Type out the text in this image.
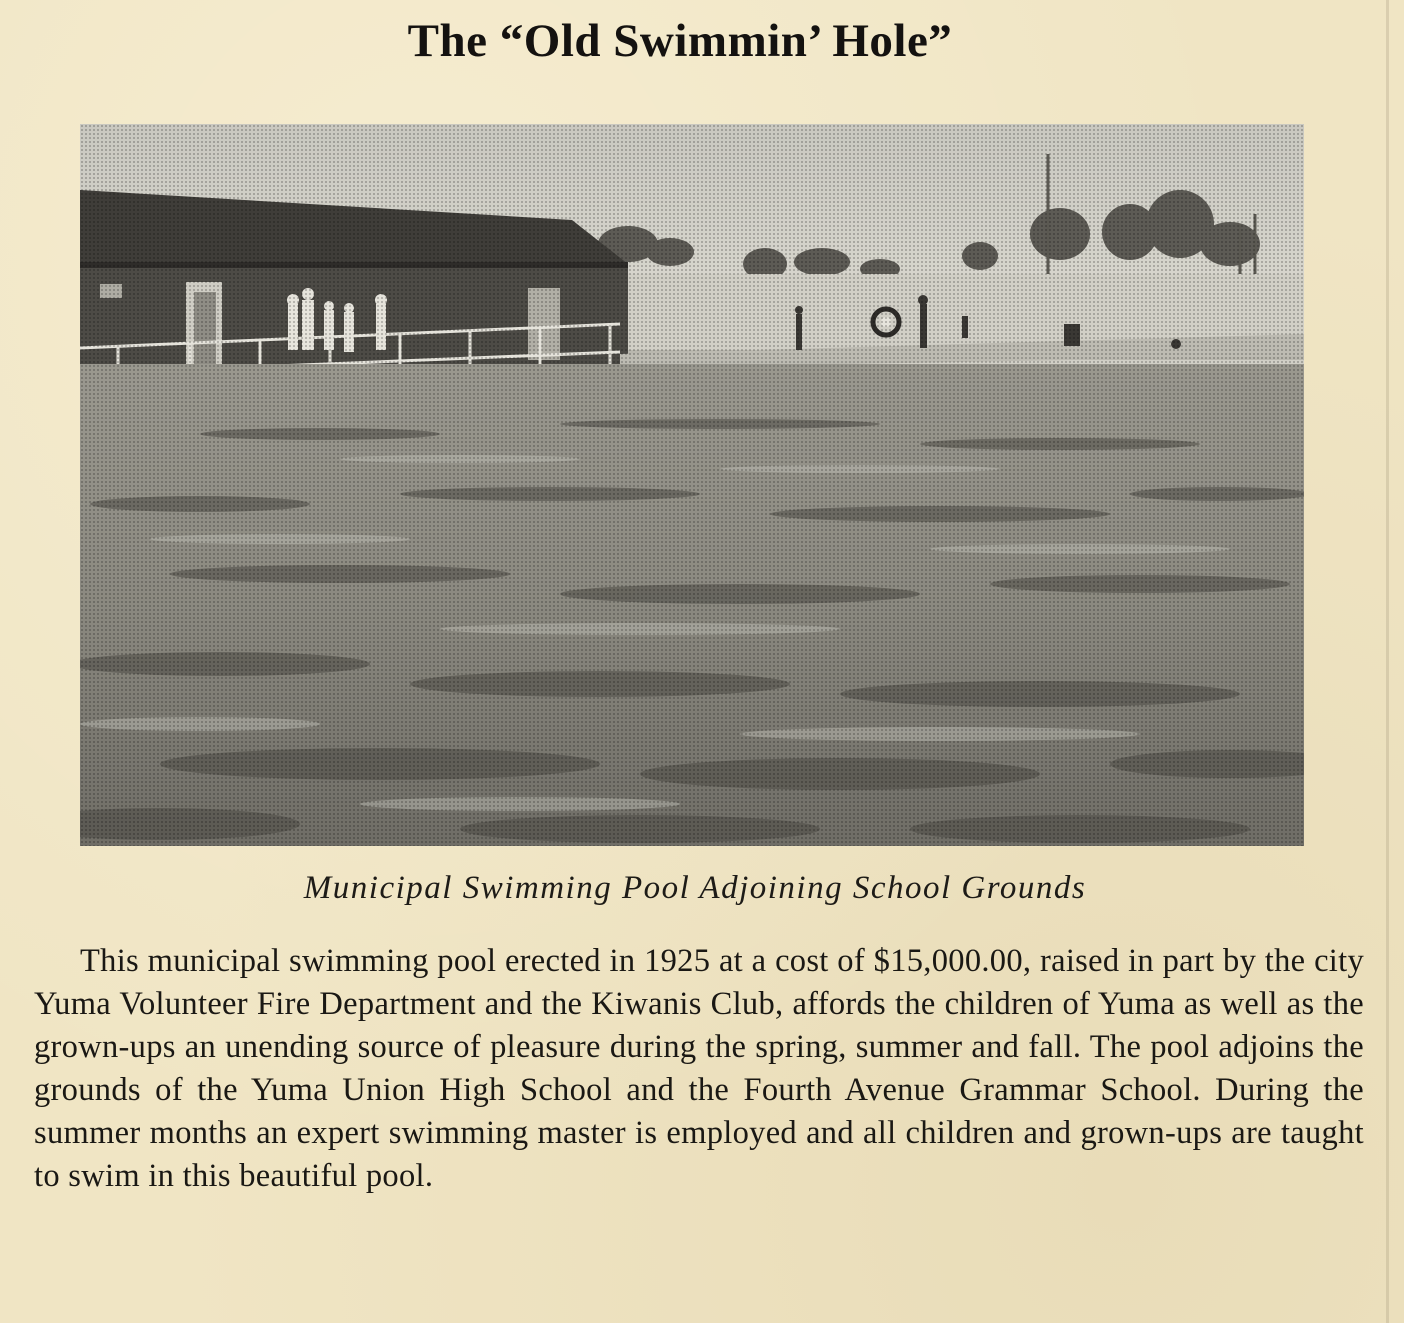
The “Old Swimmin’ Hole”

Municipal Swimming Pool Adjoining School Grounds

This municipal swimming pool erected in 1925 at a cost of $15,000.00, raised in part by the city Yuma Volunteer Fire Department and the Kiwanis Club, affords the children of Yuma as well as the grown-ups an unending source of pleasure during the spring, summer and fall. The pool adjoins the grounds of the Yuma Union High School and the Fourth Avenue Grammar School. During the summer months an expert swimming master is employed and all children and grown-ups are taught to swim in this beautiful pool.
